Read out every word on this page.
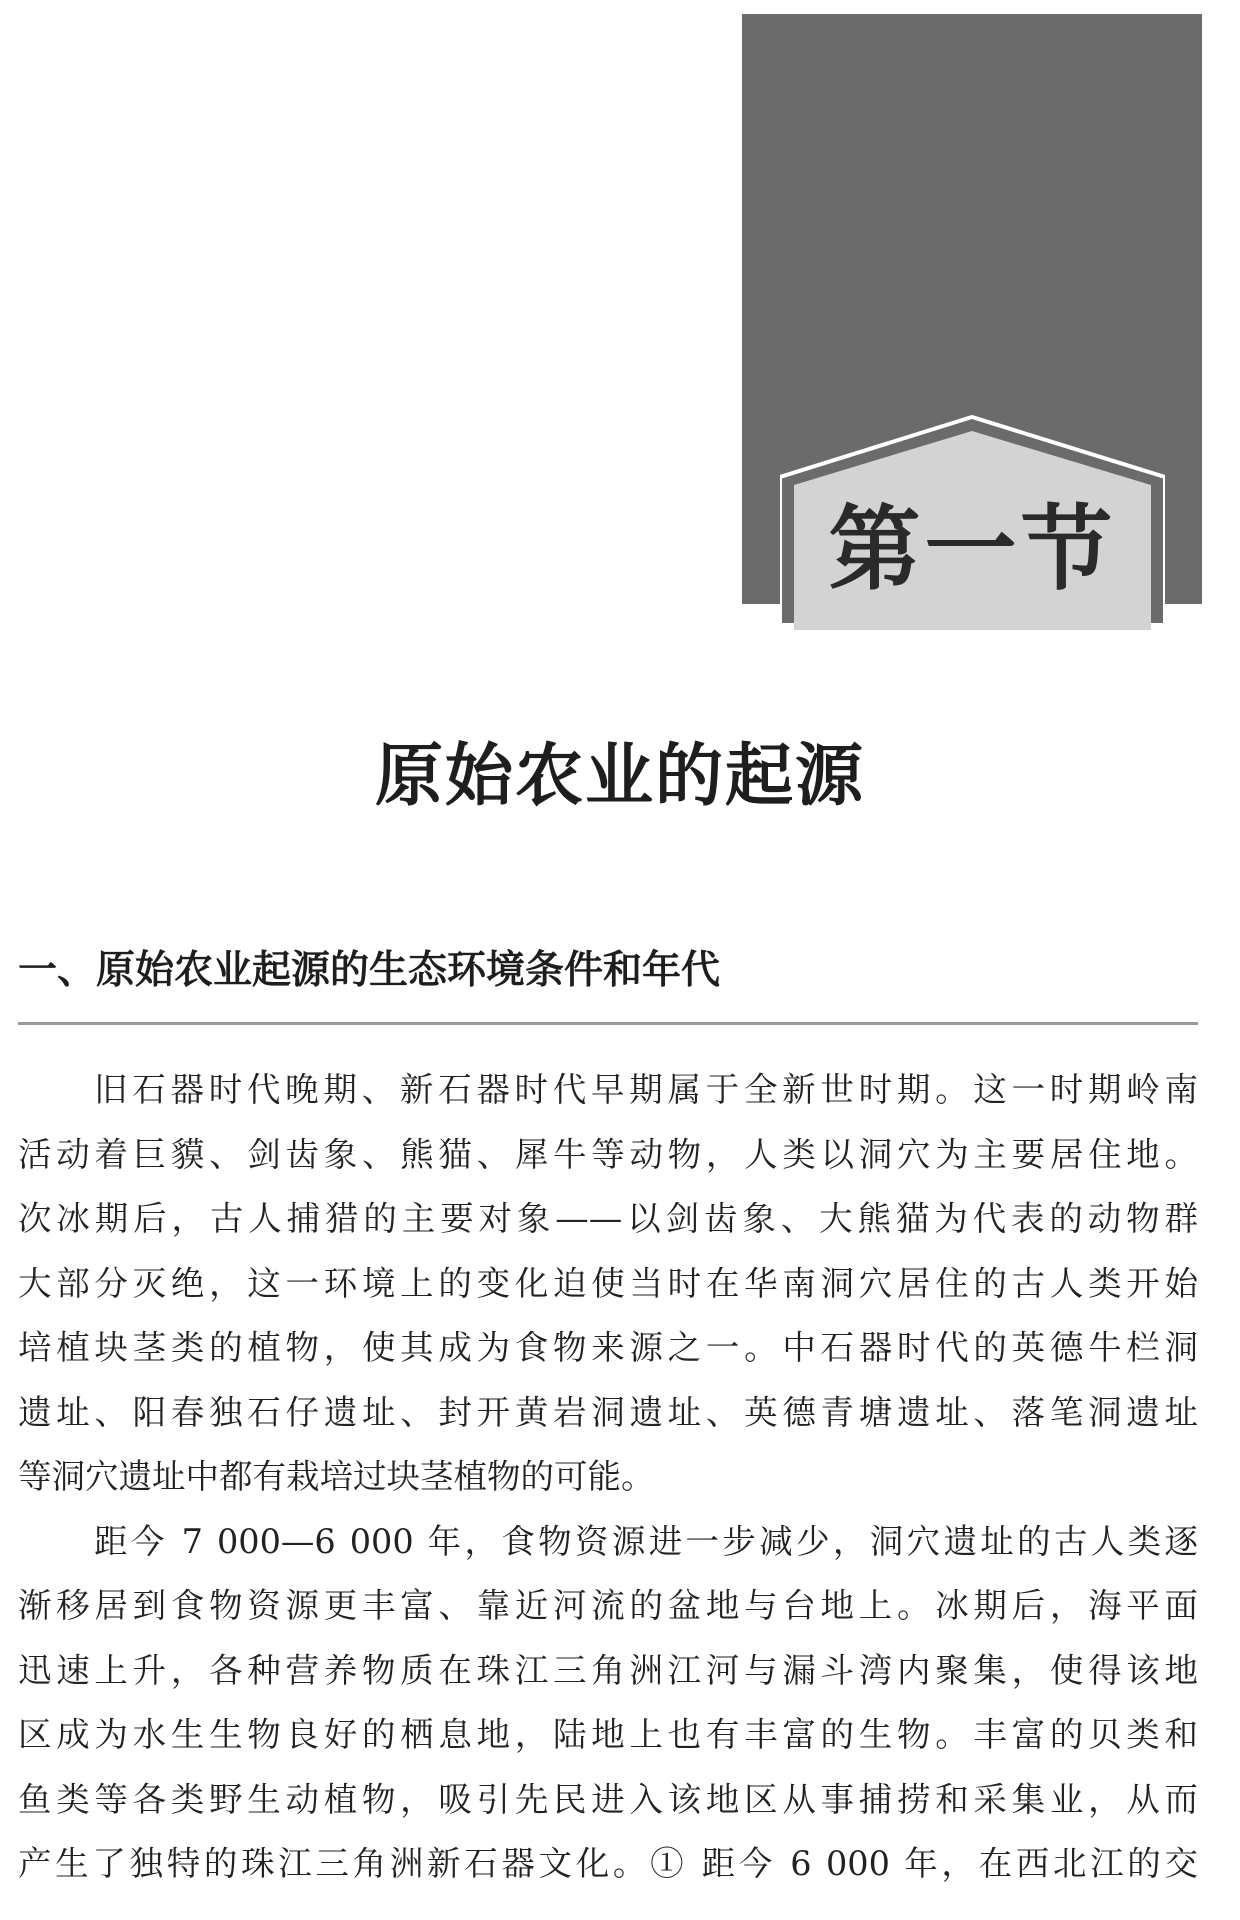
第一节
原始农业的起源
一、原始农业起源的生态环境条件和年代
旧石器时代晚期、新石器时代早期属于全新世时期。这一时期岭南
活动着巨貘、剑齿象、熊猫、犀牛等动物，人类以洞穴为主要居住地。
次冰期后，古人捕猎的主要对象——以剑齿象、大熊猫为代表的动物群
大部分灭绝，这一环境上的变化迫使当时在华南洞穴居住的古人类开始
培植块茎类的植物，使其成为食物来源之一。中石器时代的英德牛栏洞
遗址、阳春独石仔遗址、封开黄岩洞遗址、英德青塘遗址、落笔洞遗址
等洞穴遗址中都有栽培过块茎植物的可能。
距今 7 000—6 000 年，食物资源进一步减少，洞穴遗址的古人类逐
渐移居到食物资源更丰富、靠近河流的盆地与台地上。冰期后，海平面
迅速上升，各种营养物质在珠江三角洲江河与漏斗湾内聚集，使得该地
区成为水生生物良好的栖息地，陆地上也有丰富的生物。丰富的贝类和
鱼类等各类野生动植物，吸引先民进入该地区从事捕捞和采集业，从而
产生了独特的珠江三角洲新石器文化。① 距今 6 000 年，在西北江的交
